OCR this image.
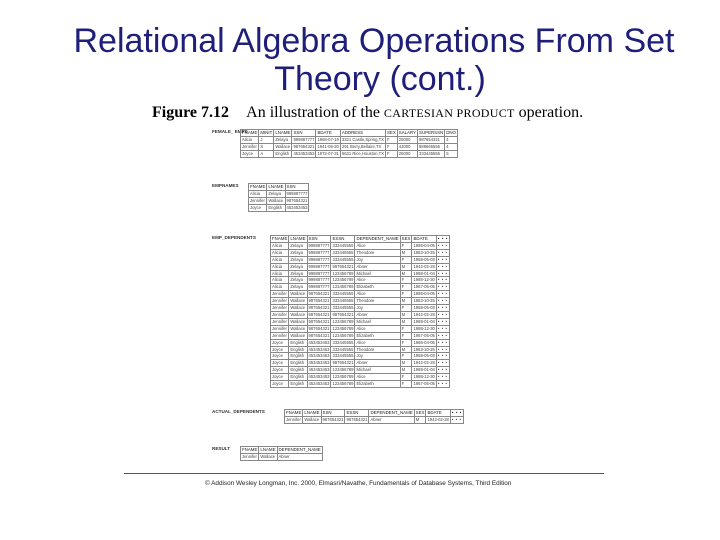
Relational Algebra Operations From Set
Theory (cont.)
Figure 7.12 An illustration of the CARTESIAN PRODUCT operation.
FEMALE_ EMPS
FNAME	MINIT	LNAME	SSN	BDATE	ADDRESS	SEX	SALARY	SUPERSSN	DNO
Alicia	J	Zelaya	999887777	1968-07-19	3321 Castle,Spring,TX	F	25000	987654321	4
Jennifer	S	Wallace	987654321	1941-06-20	291 Berry,Bellaire,TX	F	43000	888665555	4
Joyce	A	English	453453453	1972-07-31	5631 Rice,Houston,TX	F	25000	333445555	5
EMPNAMES	FNAME	LNAME	SSN
Alicia	Zelaya	999887777
Jennifer	Wallace	987654321
Joyce	English	453453453
EMP_DEPENDENTS	FNAME	LNAME	SSN	ESSN	DEPENDENT_NAME	SEX	BDATE	• • •
Alicia	Zelaya	999887777	333445555	Alice	F	1986-04-05	• • •
Alicia	Zelaya	999887777	333445555	Theodore	M	1983-10-25	• • •
Alicia	Zelaya	999887777	333445555	Joy	F	1958-05-03	• • •
Alicia	Zelaya	999887777	987654321	Abner	M	1942-02-28	• • •
Alicia	Zelaya	999887777	123456789	Michael	M	1988-01-04	• • •
Alicia	Zelaya	999887777	123456789	Alice	F	1988-12-30	• • •
Alicia	Zelaya	999887777	123456789	Elizabeth	F	1967-05-05	• • •
Jennifer	Wallace	987654321	333445555	Alice	F	1986-04-05	• • •
Jennifer	Wallace	987654321	333445555	Theodore	M	1983-10-25	• • •
Jennifer	Wallace	987654321	333445555	Joy	F	1958-05-03	• • •
Jennifer	Wallace	987654321	987654321	Abner	M	1942-02-28	• • •
Jennifer	Wallace	987654321	123456789	Michael	M	1988-01-04	• • •
Jennifer	Wallace	987654321	123456789	Alice	F	1988-12-30	• • •
Jennifer	Wallace	987654321	123456789	Elizabeth	F	1967-05-05	• • •
Joyce	English	453453453	333445555	Alice	F	1986-04-05	• • •
Joyce	English	453453453	333445555	Theodore	M	1983-10-25	• • •
Joyce	English	453453453	333445555	Joy	F	1958-05-03	• • •
Joyce	English	453453453	987654321	Abner	M	1942-02-28	• • •
Joyce	English	453453453	123456789	Michael	M	1988-01-04	• • •
Joyce	English	453453453	123456789	Alice	F	1988-12-30	• • •
Joyce	English	453453453	123456789	Elizabeth	F	1967-05-05	• • •
ACTUAL_DEPENDENTS	FNAME	LNAME	SSN	ESSN	DEPENDENT_NAME	SEX	BDATE	• • •
Jennifer	Wallace	987654321	987654321	Abner	M	1942-02-28	• • •
RESULT	FNAME	LNAME	DEPENDENT_NAME
Jennifer	Wallace	Abner
© Addison Wesley Longman, Inc. 2000, Elmasri/Navathe, Fundamentals of Database Systems, Third Edition
